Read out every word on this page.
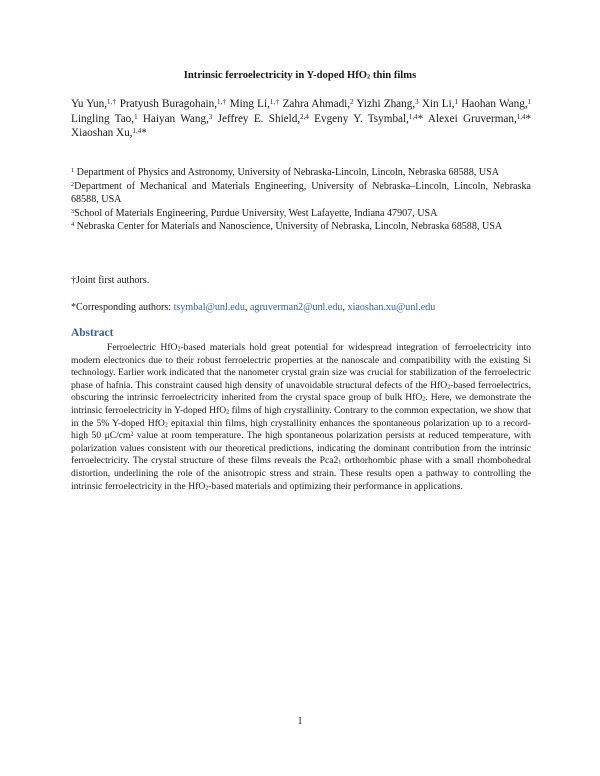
Intrinsic ferroelectricity in Y-doped HfO$_2$ thin films
Yu Yun,$^{1,\dagger}$ Pratyush Buragohain,$^{1,\dagger}$ Ming Li,$^{1,\dagger}$ Zahra Ahmadi,$^2$ Yizhi Zhang,$^3$ Xin Li,$^1$ Haohan Wang,$^1$ Lingling Tao,$^1$ Haiyan Wang,$^3$ Jeffrey E. Shield,$^{2,4}$ Evgeny Y. Tsymbal,$^{1,4}$* Alexei Gruverman,$^{1,4}$* Xiaoshan Xu,$^{1,4}$*
$^1$ Department of Physics and Astronomy, University of Nebraska-Lincoln, Lincoln, Nebraska 68588, USA
$^2$Department of Mechanical and Materials Engineering, University of Nebraska–Lincoln, Lincoln, Nebraska 68588, USA
$^3$School of Materials Engineering, Purdue University, West Lafayette, Indiana 47907, USA
$^4$ Nebraska Center for Materials and Nanoscience, University of Nebraska, Lincoln, Nebraska 68588, USA
†Joint first authors.
*Corresponding authors: tsymbal@unl.edu, agruverman2@unl.edu, xiaoshan.xu@unl.edu
Abstract

Ferroelectric HfO$_2$-based materials hold great potential for widespread integration of ferroelectricity into modern electronics due to their robust ferroelectric properties at the nanoscale and compatibility with the existing Si technology. Earlier work indicated that the nanometer crystal grain size was crucial for stabilization of the ferroelectric phase of hafnia. This constraint caused high density of unavoidable structural defects of the HfO$_2$-based ferroelectrics, obscuring the intrinsic ferroelectricity inherited from the crystal space group of bulk HfO$_2$. Here, we demonstrate the intrinsic ferroelectricity in Y-doped HfO$_2$ films of high crystallinity. Contrary to the common expectation, we show that in the 5% Y-doped HfO$_2$ epitaxial thin films, high crystallinity enhances the spontaneous polarization up to a record-high 50 $\mu C/cm^2$ value at room temperature. The high spontaneous polarization persists at reduced temperature, with polarization values consistent with our theoretical predictions, indicating the dominant contribution from the intrinsic ferroelectricity. The crystal structure of these films reveals the $Pca2_1$ orthorhombic phase with a small rhombohedral distortion, underlining the role of the anisotropic stress and strain. These results open a pathway to controlling the intrinsic ferroelectricity in the HfO$_2$-based materials and optimizing their performance in applications.

1
